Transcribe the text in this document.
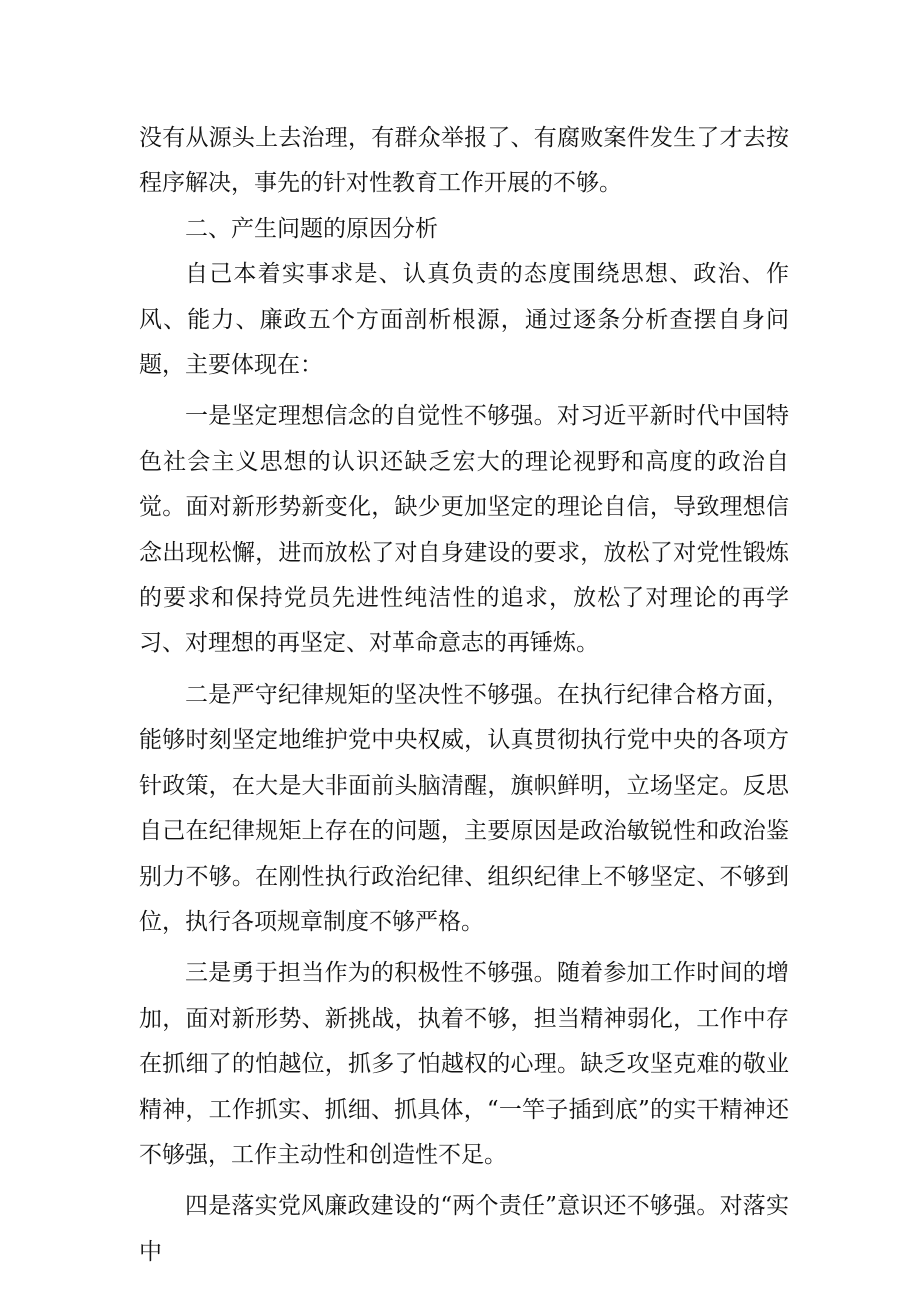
没有从源头上去治理，有群众举报了、有腐败案件发生了才去按程序解决，事先的针对性教育工作开展的不够。

二、产生问题的原因分析

自己本着实事求是、认真负责的态度围绕思想、政治、作风、能力、廉政五个方面剖析根源，通过逐条分析查摆自身问题，主要体现在：

一是坚定理想信念的自觉性不够强。对习近平新时代中国特色社会主义思想的认识还缺乏宏大的理论视野和高度的政治自觉。面对新形势新变化，缺少更加坚定的理论自信，导致理想信念出现松懈，进而放松了对自身建设的要求，放松了对党性锻炼的要求和保持党员先进性纯洁性的追求，放松了对理论的再学习、对理想的再坚定、对革命意志的再锤炼。

二是严守纪律规矩的坚决性不够强。在执行纪律合格方面，能够时刻坚定地维护党中央权威，认真贯彻执行党中央的各项方针政策，在大是大非面前头脑清醒，旗帜鲜明，立场坚定。反思自己在纪律规矩上存在的问题，主要原因是政治敏锐性和政治鉴别力不够。在刚性执行政治纪律、组织纪律上不够坚定、不够到位，执行各项规章制度不够严格。

三是勇于担当作为的积极性不够强。随着参加工作时间的增加，面对新形势、新挑战，执着不够，担当精神弱化，工作中存在抓细了的怕越位，抓多了怕越权的心理。缺乏攻坚克难的敬业精神，工作抓实、抓细、抓具体，“一竿子插到底”的实干精神还不够强，工作主动性和创造性不足。

四是落实党风廉政建设的“两个责任”意识还不够强。对落实中
